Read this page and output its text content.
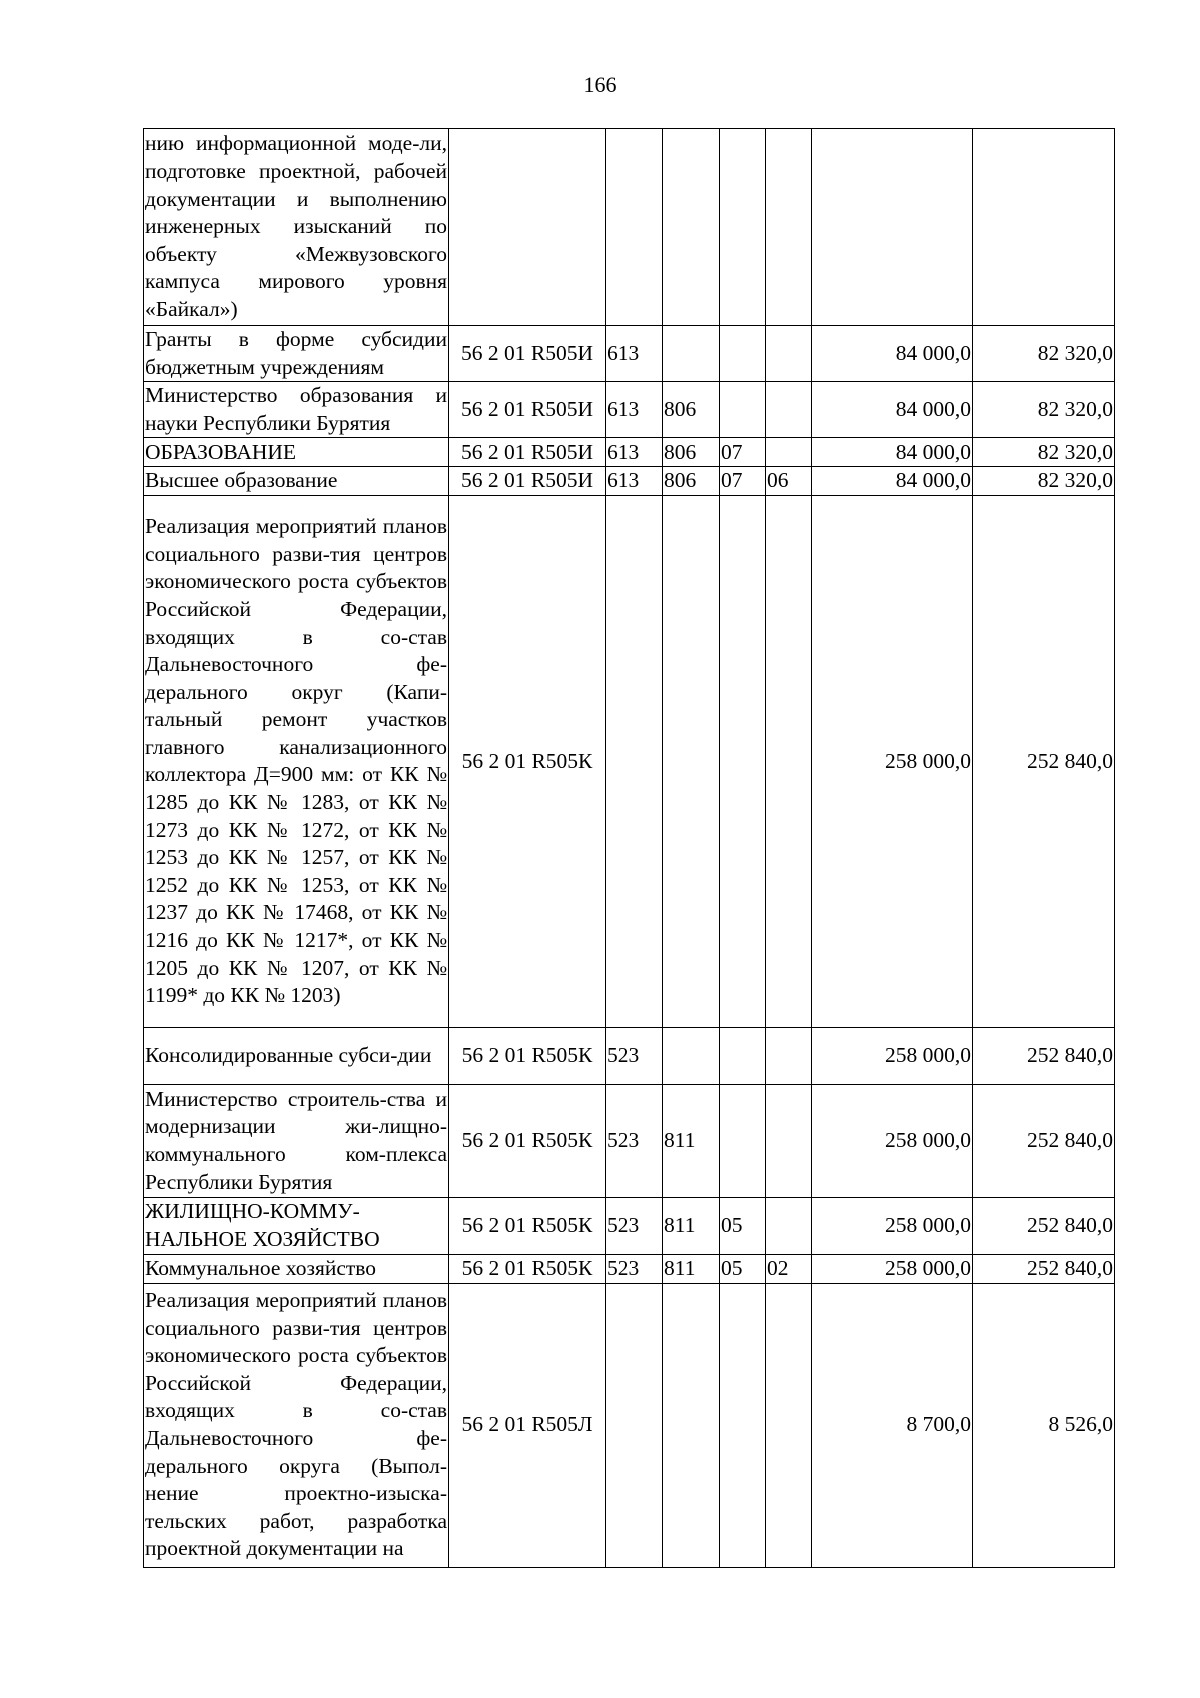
166
нию информационной моде-ли, подготовке проектной, рабочей документации и выполнению инженерных изысканий по объекту «Межвузовского кампуса мирового уровня «Байкал»)							

Гранты в форме субсидии бюджетным учреждениям	56 2 01 R505И	613				84 000,0	82 320,0

Министерство образования и науки Республики Бурятия	56 2 01 R505И	613	806			84 000,0	82 320,0

ОБРАЗОВАНИЕ	56 2 01 R505И	613	806	07		84 000,0	82 320,0

Высшее образование	56 2 01 R505И	613	806	07	06	84 000,0	82 320,0

Реализация мероприятий планов социального разви-тия центров экономического роста субъектов Российской Федерации, входящих в со-став Дальневосточного фе-дерального округ (Капи-тальный ремонт участков главного канализационного коллектора Д=900 мм: от КК № 1285 до КК № 1283, от КК № 1273 до КК № 1272, от КК № 1253 до КК № 1257, от КК № 1252 до КК № 1253, от КК № 1237 до КК № 17468, от КК № 1216 до КК № 1217*, от КК № 1205 до КК № 1207, от КК № 1199* до КК № 1203)	56 2 01 R505К					258 000,0	252 840,0

Консолидированные субси-дии	56 2 01 R505К	523				258 000,0	252 840,0

Министерство строитель-ства и модернизации жи-лищно-коммунального ком-плекса Республики Бурятия	56 2 01 R505К	523	811			258 000,0	252 840,0

ЖИЛИЩНО-КОММУ-НАЛЬНОЕ ХОЗЯЙСТВО	56 2 01 R505К	523	811	05		258 000,0	252 840,0

Коммунальное хозяйство	56 2 01 R505К	523	811	05	02	258 000,0	252 840,0

Реализация мероприятий планов социального разви-тия центров экономического роста субъектов Российской Федерации, входящих в со-став Дальневосточного фе-дерального округа (Выпол-нение проектно-изыска-тельских работ, разработка проектной документации на	56 2 01 R505Л					8 700,0	8 526,0
